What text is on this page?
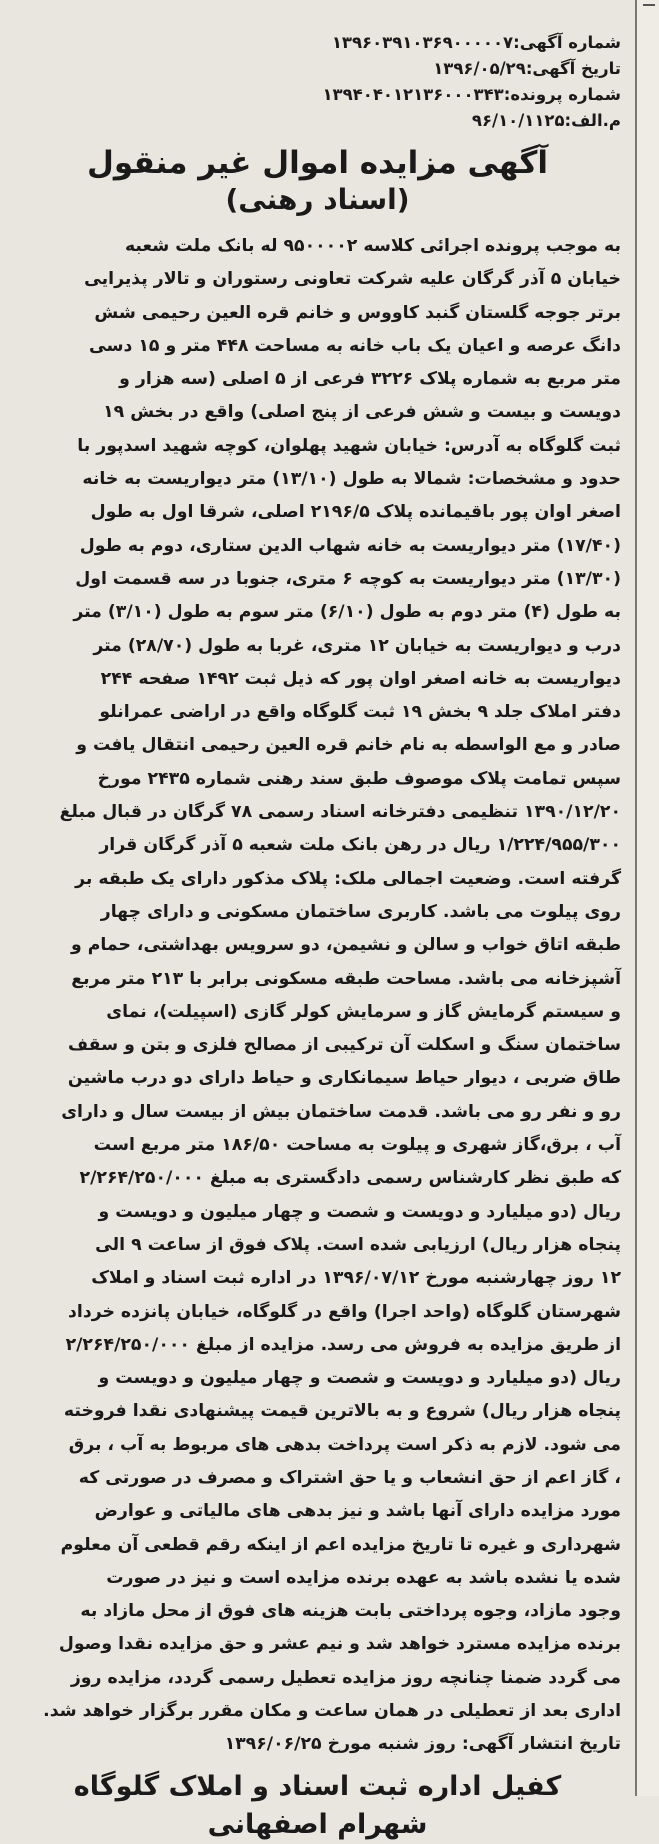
شماره آگهی:۱۳۹۶۰۳۹۱۰۳۶۹۰۰۰۰۰۷

تاریخ آگهی:۱۳۹۶/۰۵/۲۹

شماره پرونده:۱۳۹۴۰۴۰۱۲۱۳۶۰۰۰۳۴۳

م.الف:۹۶/۱۰/۱۱۲۵

آگهی مزایده اموال غیر منقول
(اسناد رهنی)

به موجب پرونده اجرائی کلاسه ۹۵۰۰۰۰۲ له بانک ملت شعبه

خیابان ۵ آذر گرگان علیه شرکت تعاونی رستوران و تالار پذیرایی

برتر جوجه گلستان گنبد کاووس و خانم قره العین رحیمی شش

دانگ عرصه و اعیان یک باب خانه به مساحت ۴۴۸ متر و ۱۵ دسی

متر مربع به شماره پلاک ۳۲۲۶ فرعی از ۵ اصلی (سه هزار و

دویست و بیست و شش فرعی از پنج اصلی) واقع در بخش ۱۹

ثبت گلوگاه به آدرس: خیابان شهید پهلوان، کوچه شهید اسدپور با

حدود و مشخصات: شمالا به طول (۱۳/۱۰) متر دیواریست به خانه

اصغر اوان پور باقیمانده پلاک ۲۱۹۶/۵ اصلی، شرقا اول به طول

(۱۷/۴۰) متر دیواریست به خانه شهاب الدین ستاری، دوم به طول

(۱۳/۳۰) متر دیواریست به کوچه ۶ متری، جنوبا در سه قسمت اول

به طول (۴) متر دوم به طول (۶/۱۰) متر سوم به طول (۳/۱۰) متر

درب و دیواریست به خیابان ۱۲ متری، غربا به طول (۲۸/۷۰) متر

دیواریست به خانه اصغر اوان پور که ذیل ثبت ۱۴۹۲ صفحه ۲۴۴

دفتر املاک جلد ۹ بخش ۱۹ ثبت گلوگاه واقع در اراضی عمرانلو

صادر و مع الواسطه به نام خانم قره العین رحیمی انتقال یافت و

سپس تمامت پلاک موصوف طبق سند رهنی شماره ۲۴۳۵ مورخ

۱۳۹۰/۱۲/۲۰ تنظیمی دفترخانه اسناد رسمی ۷۸ گرگان در قبال مبلغ

۱/۲۲۴/۹۵۵/۳۰۰ ریال در رهن بانک ملت شعبه ۵ آذر گرگان قرار

گرفته است. وضعیت اجمالی ملک: پلاک مذکور دارای یک طبقه بر

روی پیلوت می باشد. کاربری ساختمان مسکونی و دارای چهار

طبقه اتاق خواب و سالن و نشیمن، دو سرویس بهداشتی، حمام و

آشپزخانه می باشد. مساحت طبقه مسکونی برابر با ۲۱۳ متر مربع

و سیستم گرمایش گاز و سرمایش کولر گازی (اسپیلت)، نمای

ساختمان سنگ و اسکلت آن ترکیبی از مصالح فلزی و بتن و سقف

طاق ضربی ، دیوار حیاط سیمانکاری و حیاط دارای دو درب ماشین

رو و نفر رو می باشد. قدمت ساختمان بیش از بیست سال و دارای

آب ، برق،گاز شهری و پیلوت به مساحت ۱۸۶/۵۰ متر مربع است

که طبق نظر کارشناس رسمی دادگستری به مبلغ ۲/۲۶۴/۲۵۰/۰۰۰

ریال (دو میلیارد و دویست و شصت و چهار میلیون و دویست و

پنجاه هزار ریال) ارزیابی شده است. پلاک فوق از ساعت ۹ الی

۱۲ روز چهارشنبه مورخ ۱۳۹۶/۰۷/۱۲ در اداره ثبت اسناد و املاک

شهرستان گلوگاه (واحد اجرا) واقع در گلوگاه، خیابان پانزده خرداد

از طریق مزایده به فروش می رسد. مزایده از مبلغ ۲/۲۶۴/۲۵۰/۰۰۰

ریال (دو میلیارد و دویست و شصت و چهار میلیون و دویست و

پنجاه هزار ریال) شروع و به بالاترین قیمت پیشنهادی نقدا فروخته

می شود. لازم به ذکر است پرداخت بدهی های مربوط به آب ، برق

، گاز اعم از حق انشعاب و یا حق اشتراک و مصرف در صورتی که

مورد مزایده دارای آنها باشد و نیز بدهی های مالیاتی و عوارض

شهرداری و غیره تا تاریخ مزایده اعم از اینکه رقم قطعی آن معلوم

شده یا نشده باشد به عهده برنده مزایده است و نیز در صورت

وجود مازاد، وجوه پرداختی بابت هزینه های فوق از محل مازاد به

برنده مزایده مسترد خواهد شد و نیم عشر و حق مزایده نقدا وصول

می گردد ضمنا چنانچه روز مزایده تعطیل رسمی گردد، مزایده روز

اداری بعد از تعطیلی در همان ساعت و مکان مقرر برگزار خواهد شد.

تاریخ انتشار آگهی: روز شنبه مورخ ۱۳۹۶/۰۶/۲۵

کفیل اداره ثبت اسناد و املاک گلوگاه

شهرام اصفهانی
